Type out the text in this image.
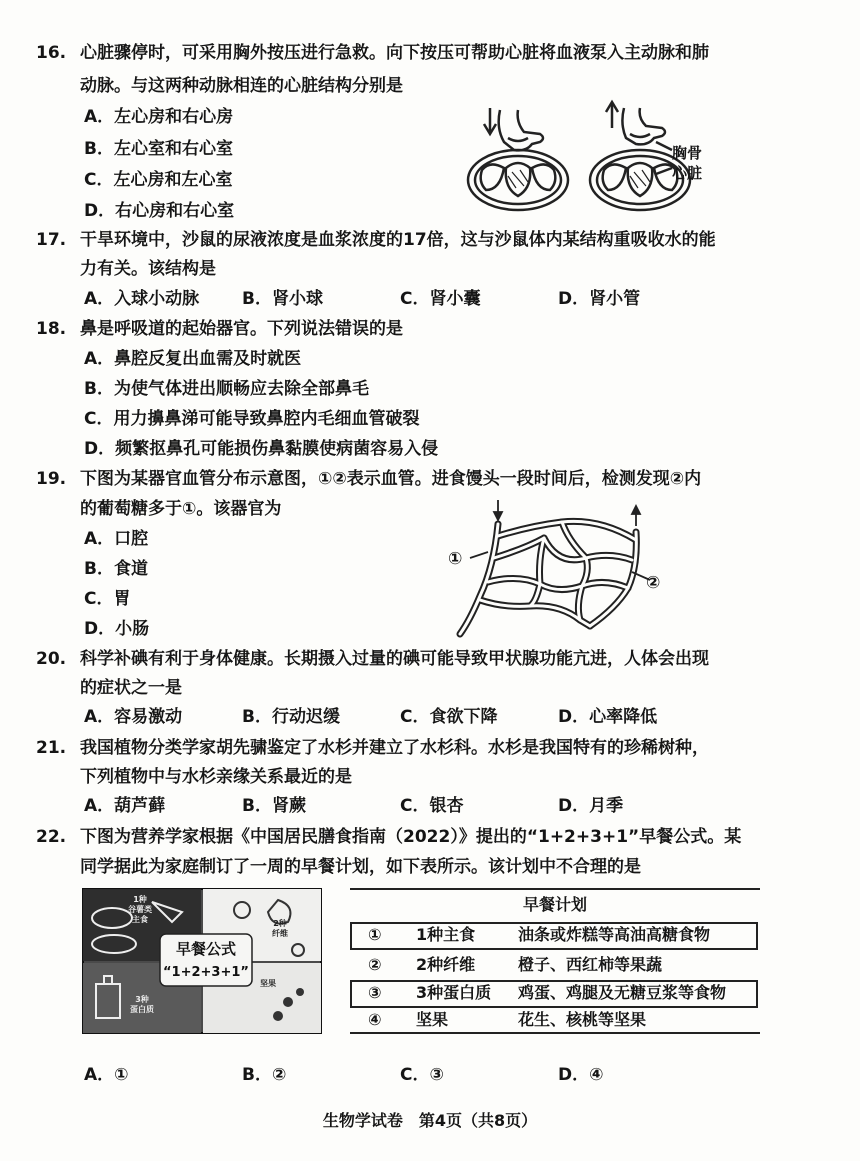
16. 心脏骤停时，可采用胸外按压进行急救。向下按压可帮助心脏将血液泵入主动脉和肺
动脉。与这两种动脉相连的心脏结构分别是
A．左心房和右心房
B．左心室和右心室
C．左心房和左心室
D．右心房和右心室
胸骨
心脏
17. 干旱环境中，沙鼠的尿液浓度是血浆浓度的17倍，这与沙鼠体内某结构重吸收水的能
力有关。该结构是
A．入球小动脉	B．肾小球	C．肾小囊	D．肾小管
18. 鼻是呼吸道的起始器官。下列说法错误的是
A．鼻腔反复出血需及时就医
B．为使气体进出顺畅应去除全部鼻毛
C．用力擤鼻涕可能导致鼻腔内毛细血管破裂
D．频繁抠鼻孔可能损伤鼻黏膜使病菌容易入侵
19. 下图为某器官血管分布示意图，①②表示血管。进食馒头一段时间后，检测发现②内
的葡萄糖多于①。该器官为
A．口腔
B．食道
C．胃
D．小肠
①
②
20. 科学补碘有利于身体健康。长期摄入过量的碘可能导致甲状腺功能亢进，人体会出现
的症状之一是
A．容易激动	B．行动迟缓	C．食欲下降	D．心率降低
21. 我国植物分类学家胡先骕鉴定了水杉并建立了水杉科。水杉是我国特有的珍稀树种，
下列植物中与水杉亲缘关系最近的是
A．葫芦藓	B．肾蕨	C．银杏	D．月季
22. 下图为营养学家根据《中国居民膳食指南（2022）》提出的“1+2+3+1”早餐公式。某
同学据此为家庭制订了一周的早餐计划，如下表所示。该计划中不合理的是
1种
谷薯类
主食	2种
纤维
3种
蛋白质
坚果
早餐公式
“1+2+3+1”
早餐计划
① 1种主食	油条或炸糕等高油高糖食物
② 2种纤维	橙子、西红柿等果蔬
③ 3种蛋白质 鸡蛋、鸡腿及无糖豆浆等食物
④ 坚果	花生、核桃等坚果
A．①	B．②	C．③	D．④
生物学试卷　第4页（共8页）
